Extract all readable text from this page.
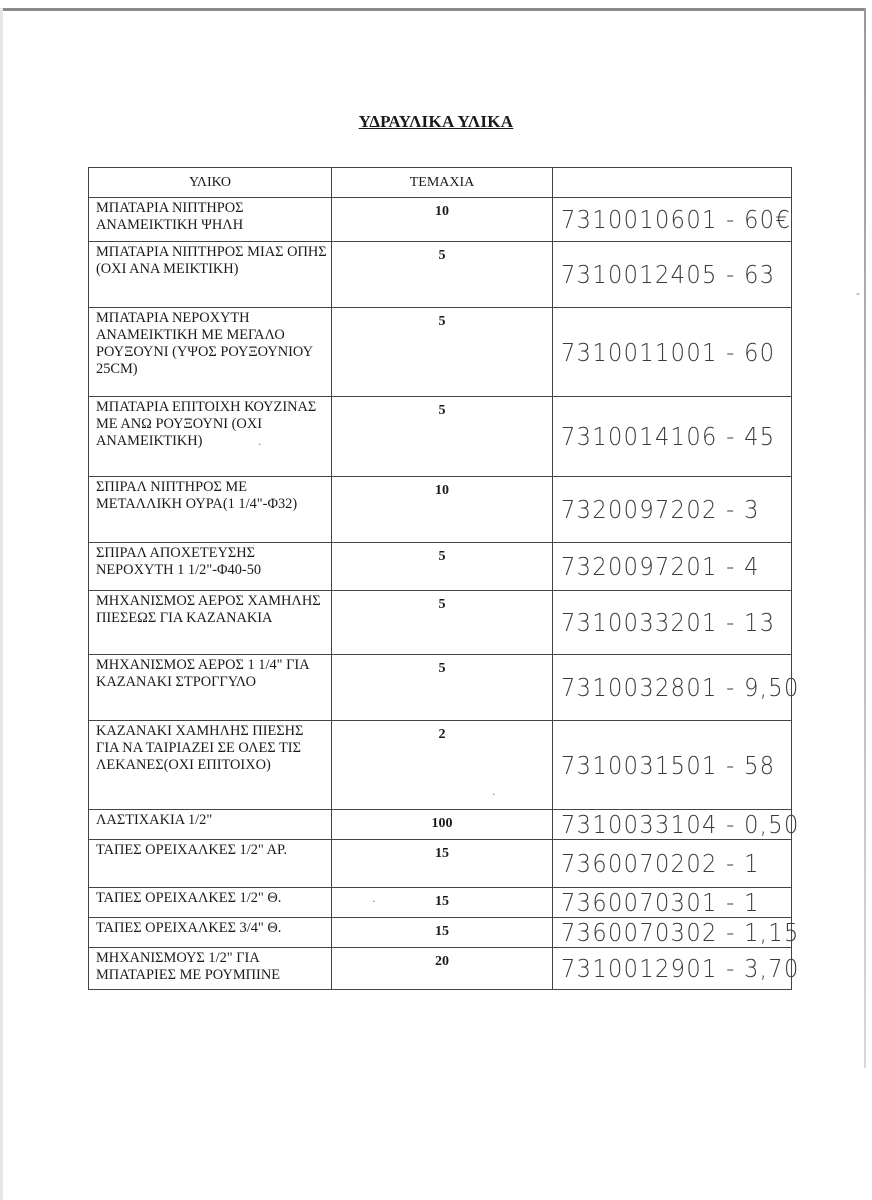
ΥΔΡΑΥΛΙΚΑ ΥΛΙΚΑ
ΥΛΙΚΟ	ΤΕΜΑΧΙΑ	
ΜΠΑΤΑΡΙΑ ΝΙΠΤΗΡΟΣ ΑΝΑΜΕΙΚΤΙΚΗ ΨΗΛΗ	10	7310010601 - 60€
ΜΠΑΤΑΡΙΑ ΝΙΠΤΗΡΟΣ ΜΙΑΣ ΟΠΗΣ (ΟΧΙ ΑΝΑ ΜΕΙΚΤΙΚΗ)	5	7310012405 - 63
ΜΠΑΤΑΡΙΑ ΝΕΡΟΧΥΤΗ ΑΝΑΜΕΙΚΤΙΚΗ ΜΕ ΜΕΓΑΛΟ ΡΟΥΞΟΥΝΙ (ΥΨΟΣ ΡΟΥΞΟΥΝΙΟΥ 25CM)	5	7310011001 - 60
ΜΠΑΤΑΡΙΑ ΕΠΙΤΟΙΧΗ ΚΟΥΖΙΝΑΣ ΜΕ ΑΝΩ ΡΟΥΞΟΥΝΙ (ΟΧΙ ΑΝΑΜΕΙΚΤΙΚΗ)	5	7310014106 - 45
ΣΠΙΡΑΛ ΝΙΠΤΗΡΟΣ ΜΕ ΜΕΤΑΛΛΙΚΗ ΟΥΡΑ(1 1/4"-Φ32)	10	7320097202 - 3
ΣΠΙΡΑΛ ΑΠΟΧΕΤΕΥΣΗΣ ΝΕΡΟΧΥΤΗ 1 1/2"-Φ40-50	5	7320097201 - 4
ΜΗΧΑΝΙΣΜΟΣ ΑΕΡΟΣ ΧΑΜΗΛΗΣ ΠΙΕΣΕΩΣ ΓΙΑ ΚΑΖΑΝΑΚΙΑ	5	7310033201 - 13
ΜΗΧΑΝΙΣΜΟΣ ΑΕΡΟΣ 1 1/4" ΓΙΑ ΚΑΖΑΝΑΚΙ ΣΤΡΟΓΓΥΛΟ	5	7310032801 - 9,50
ΚΑΖΑΝΑΚΙ ΧΑΜΗΛΗΣ ΠΙΕΣΗΣ ΓΙΑ ΝΑ ΤΑΙΡΙΑΖΕΙ ΣΕ ΟΛΕΣ ΤΙΣ ΛΕΚΑΝΕΣ(ΟΧΙ ΕΠΙΤΟΙΧΟ)	2	7310031501 - 58
ΛΑΣΤΙΧΑΚΙΑ 1/2"	100	7310033104 - 0,50
ΤΑΠΕΣ ΟΡΕΙΧΑΛΚΕΣ 1/2" ΑΡ.	15	7360070202 - 1
ΤΑΠΕΣ ΟΡΕΙΧΑΛΚΕΣ 1/2" Θ.	15	7360070301 - 1
ΤΑΠΕΣ ΟΡΕΙΧΑΛΚΕΣ 3/4" Θ.	15	7360070302 - 1,15
ΜΗΧΑΝΙΣΜΟΥΣ 1/2" ΓΙΑ ΜΠΑΤΑΡΙΕΣ ΜΕ ΡΟΥΜΠΙΝΕ	20	7310012901 - 3,70
·
·
·
-
